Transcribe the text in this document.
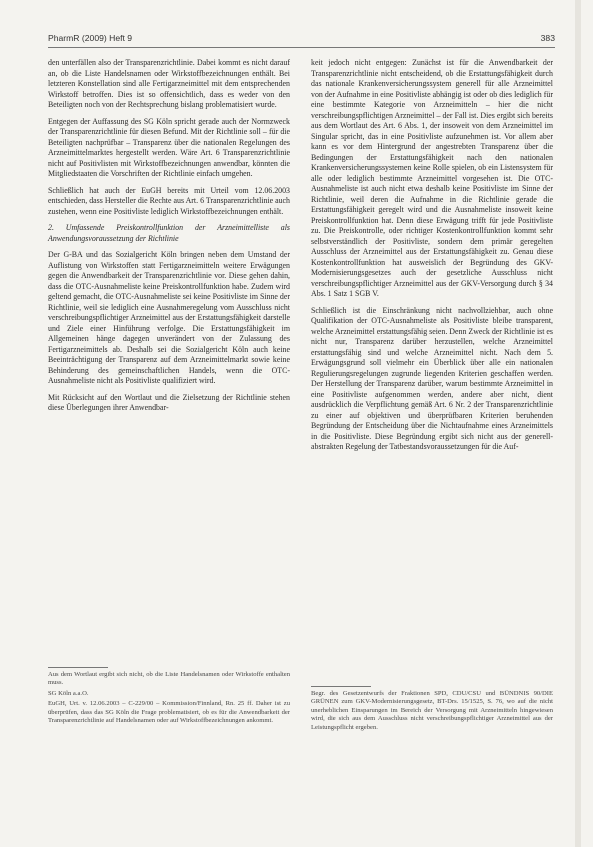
PharmR (2009) Heft 9	383

den unterfällen also der Transparenzrichtlinie. Dabei kommt es nicht darauf an, ob die Liste Handelsnamen oder Wirkstoffbezeichnungen enthält. Bei letzteren Konstellation sind alle Fertigarzneimittel mit dem entsprechenden Wirkstoff betroffen. Dies ist so offensichtlich, dass es weder von den Beteiligten noch von der Rechtsprechung bislang problematisiert wurde.

Entgegen der Auffassung des SG Köln spricht gerade auch der Normzweck der Transparenzrichtlinie für diesen Befund. Mit der Richtlinie soll – für die Beteiligten nachprüfbar – Transparenz über die nationalen Regelungen des Arzneimittelmarktes hergestellt werden. Wäre Art. 6 Transparenzrichtlinie nicht auf Positivlisten mit Wirkstoffbezeichnungen anwendbar, könnten die Mitgliedstaaten die Vorschriften der Richtlinie einfach umgehen.

Schließlich hat auch der EuGH bereits mit Urteil vom 12.06.2003 entschieden, dass Hersteller die Rechte aus Art. 6 Transparenzrichtlinie auch zustehen, wenn eine Positivliste lediglich Wirkstoffbezeichnungen enthält.

2. Umfassende Preiskontrollfunktion der Arzneimittelliste als Anwendungsvoraussetzung der Richtlinie

Der G-BA und das Sozialgericht Köln bringen neben dem Umstand der Auflistung von Wirkstoffen statt Fertigarzneimitteln weitere Erwägungen gegen die Anwendbarkeit der Transparenzrichtlinie vor. Diese gehen dahin, dass die OTC-Ausnahmeliste keine Preiskontrollfunktion habe. Zudem wird geltend gemacht, die OTC-Ausnahmeliste sei keine Positivliste im Sinne der Richtlinie, weil sie lediglich eine Ausnahmeregelung vom Ausschluss nicht verschreibungspflichtiger Arzneimittel aus der Erstattungsfähigkeit darstelle und Ziele einer Hinführung verfolge. Die Erstattungsfähigkeit im Allgemeinen hänge dagegen unverändert von der Zulassung des Fertigarzneimittels ab. Deshalb sei die Sozialgericht Köln auch keine Beeinträchtigung der Transparenz auf dem Arzneimittelmarkt sowie keine Behinderung des gemeinschaftlichen Handels, wenn die OTC-Ausnahmeliste nicht als Positivliste qualifiziert wird.

Mit Rücksicht auf den Wortlaut und die Zielsetzung der Richtlinie stehen diese Überlegungen ihrer Anwendbar-

Aus dem Wortlaut ergibt sich nicht, ob die Liste Handelsnamen oder Wirkstoffe enthalten muss.

SG Köln a.a.O.

EuGH, Urt. v. 12.06.2003 – C-229/00 – Kommission/Finnland, Rn. 25 ff. Daher ist zu überprüfen, dass das SG Köln die Frage problematisiert, ob es für die Anwendbarkeit der Transparenzrichtlinie auf Handelsnamen oder auf Wirkstoffbezeichnungen ankommt.

keit jedoch nicht entgegen: Zunächst ist für die Anwendbarkeit der Transparenzrichtlinie nicht entscheidend, ob die Erstattungsfähigkeit durch das nationale Krankenversicherungssystem generell für alle Arzneimittel von der Aufnahme in eine Positivliste abhängig ist oder ob dies lediglich für eine bestimmte Kategorie von Arzneimitteln – hier die nicht verschreibungspflichtigen Arzneimittel – der Fall ist. Dies ergibt sich bereits aus dem Wortlaut des Art. 6 Abs. 1, der insoweit von dem Arzneimittel im Singular spricht, das in eine Positivliste aufzunehmen ist. Vor allem aber kann es vor dem Hintergrund der angestrebten Transparenz über die Bedingungen der Erstattungsfähigkeit nach den nationalen Krankenversicherungssystemen keine Rolle spielen, ob ein Listensystem für alle oder lediglich bestimmte Arzneimittel vorgesehen ist. Die OTC-Ausnahmeliste ist auch nicht etwa deshalb keine Positivliste im Sinne der Richtlinie, weil deren die Aufnahme in die Richtlinie gerade die Erstattungsfähigkeit geregelt wird und die Ausnahmeliste insoweit keine Preiskontrollfunktion hat. Denn diese Erwägung trifft für jede Positivliste zu. Die Preiskontrolle, oder richtiger Kostenkontrollfunktion kommt sehr selbstverständlich der Positivliste, sondern dem primär geregelten Ausschluss der Arzneimittel aus der Erstattungsfähigkeit zu. Genau diese Kostenkontrollfunktion hat ausweislich der Begründung des GKV-Modernisierungsgesetzes auch der gesetzliche Ausschluss nicht verschreibungspflichtiger Arzneimittel aus der GKV-Versorgung durch § 34 Abs. 1 Satz 1 SGB V.

Schließlich ist die Einschränkung nicht nachvollziehbar, auch ohne Qualifikation der OTC-Ausnahmeliste als Positivliste bleibe transparent, welche Arzneimittel erstattungsfähig seien. Denn Zweck der Richtlinie ist es nicht nur, Transparenz darüber herzustellen, welche Arzneimittel erstattungsfähig sind und welche Arzneimittel nicht. Nach dem 5. Erwägungsgrund soll vielmehr ein Überblick über alle ein nationalen Regulierungsregelungen zugrunde liegenden Kriterien geschaffen werden. Der Herstellung der Transparenz darüber, warum bestimmte Arzneimittel in eine Positivliste aufgenommen werden, andere aber nicht, dient ausdrücklich die Verpflichtung gemäß Art. 6 Nr. 2 der Transparenzrichtlinie zu einer auf objektiven und überprüfbaren Kriterien beruhenden Begründung der Entscheidung über die Nichtaufnahme eines Arzneimittels in die Positivliste. Diese Begründung ergibt sich nicht aus der generell-abstrakten Regelung der Tatbestandsvoraussetzungen für die Auf-

Begr. des Gesetzentwurfs der Fraktionen SPD, CDU/CSU und BÜNDNIS 90/DIE GRÜNEN zum GKV-Modernisierungsgesetz, BT-Drs. 15/1525, S. 76, wo auf die nicht unerheblichen Einsparungen im Bereich der Versorgung mit Arzneimitteln hingewiesen wird, die sich aus dem Ausschluss nicht verschreibungspflichtiger Arzneimittel aus der Leistungspflicht ergeben.
